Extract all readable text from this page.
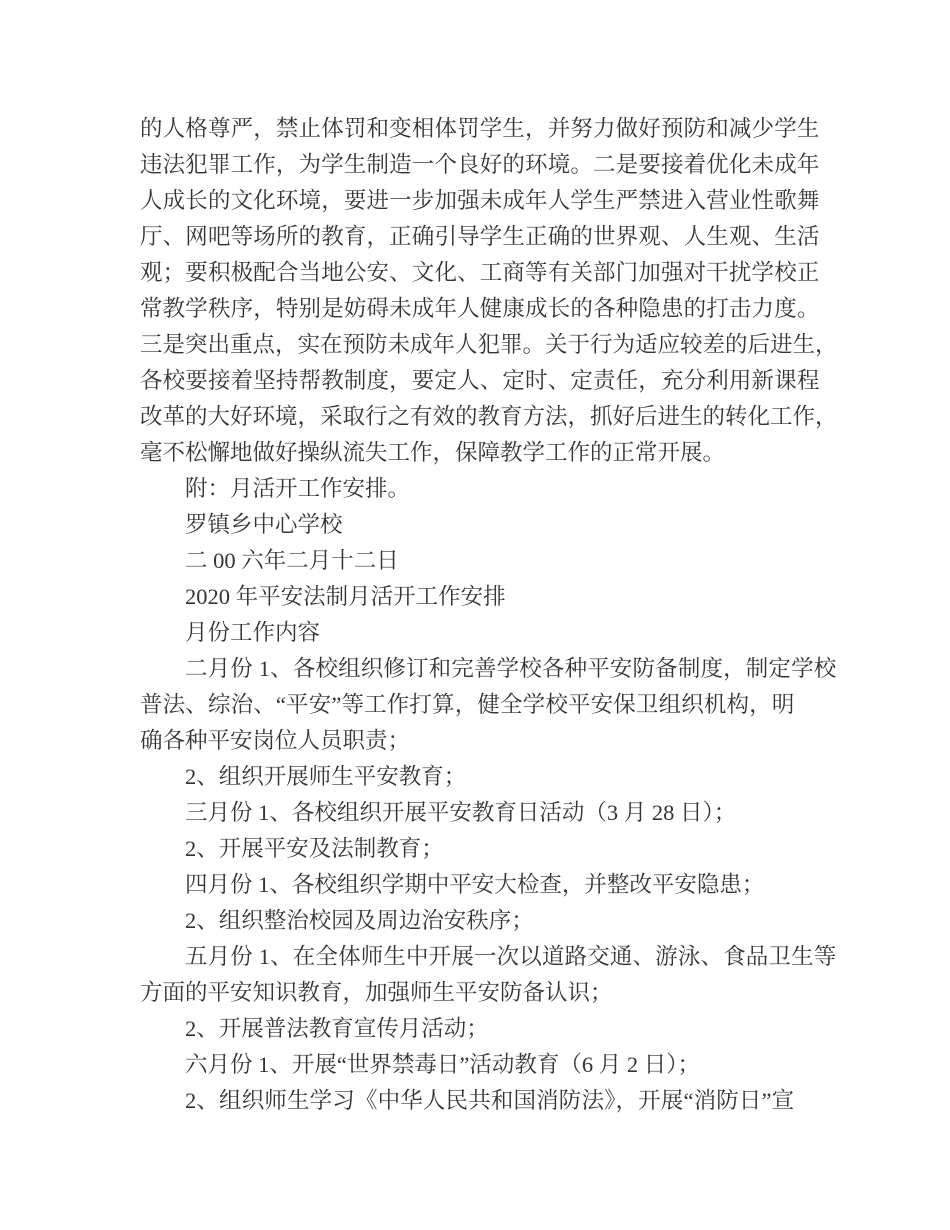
的人格尊严，禁止体罚和变相体罚学生，并努力做好预防和减少学生
违法犯罪工作，为学生制造一个良好的环境。二是要接着优化未成年
人成长的文化环境，要进一步加强未成年人学生严禁进入营业性歌舞
厅、网吧等场所的教育，正确引导学生正确的世界观、人生观、生活
观；要积极配合当地公安、文化、工商等有关部门加强对干扰学校正
常教学秩序，特别是妨碍未成年人健康成长的各种隐患的打击力度。
三是突出重点，实在预防未成年人犯罪。关于行为适应较差的后进生，
各校要接着坚持帮教制度，要定人、定时、定责任，充分利用新课程
改革的大好环境，采取行之有效的教育方法，抓好后进生的转化工作，
毫不松懈地做好操纵流失工作，保障教学工作的正常开展。
附：月活开工作安排。
罗镇乡中心学校
二 00 六年二月十二日
2020 年平安法制月活开工作安排
月份工作内容
二月份 1、各校组织修订和完善学校各种平安防备制度，制定学校
普法、综治、“平安”等工作打算，健全学校平安保卫组织机构，明
确各种平安岗位人员职责；
2、组织开展师生平安教育；
三月份 1、各校组织开展平安教育日活动（3 月 28 日）；
2、开展平安及法制教育；
四月份 1、各校组织学期中平安大检查，并整改平安隐患；
2、组织整治校园及周边治安秩序；
五月份 1、在全体师生中开展一次以道路交通、游泳、食品卫生等
方面的平安知识教育，加强师生平安防备认识；
2、开展普法教育宣传月活动；
六月份 1、开展“世界禁毒日”活动教育（6 月 2 日）；
2、组织师生学习《中华人民共和国消防法》，开展“消防日”宣
